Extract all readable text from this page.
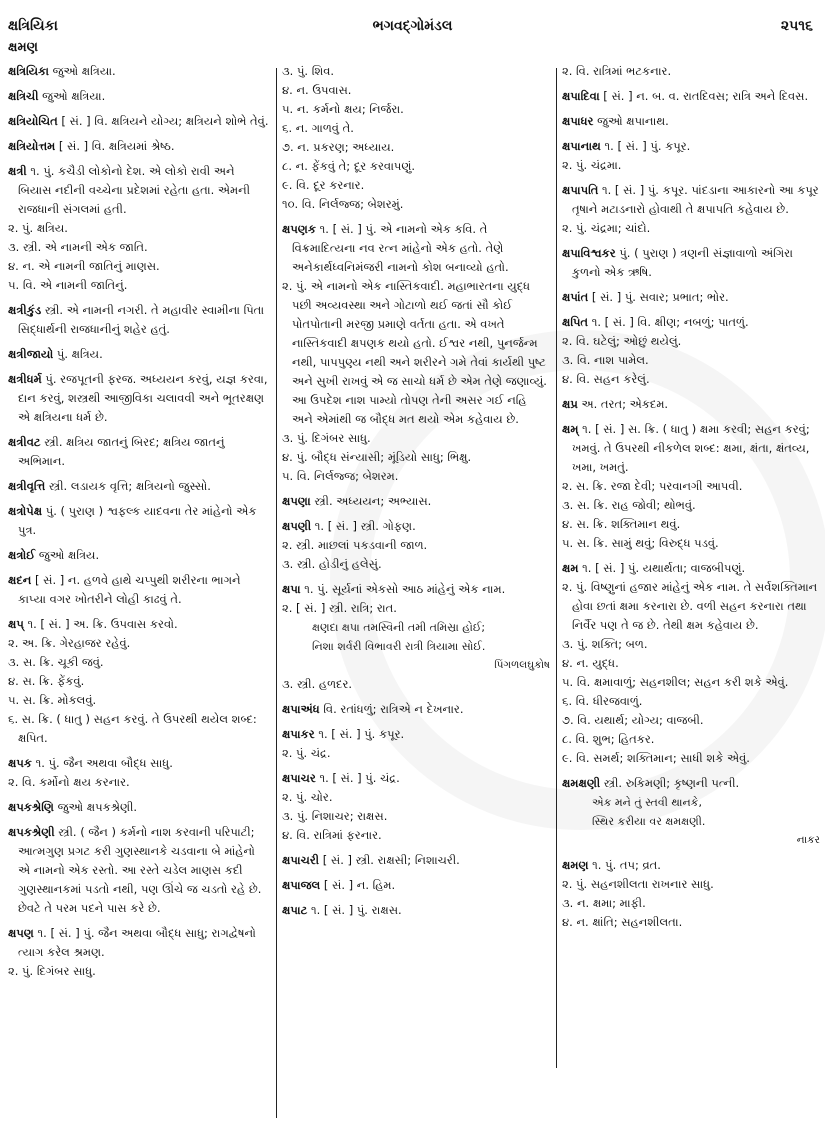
ક્ષત્રિયિકા
ક્ષમણ
ભગવદ્ગોમંડલ	૨૫૧૬
ક્ષત્રિયિકા જુઓ ક્ષત્રિયા.
ક્ષત્રિચી જુઓ ક્ષત્રિયા.
ક્ષત્રિયોચિત [ સં. ] વિ. ક્ષત્રિયને યોગ્ય; ક્ષત્રિયને શોભે તેવું.
ક્ષત્રિયોત્તમ [ સં. ] વિ. ક્ષત્રિયમાં શ્રેષ્ઠ.
ક્ષત્રી ૧. પું. કચૈડી લોકોનો દેશ. એ લોકો રાવી અને બિયાસ નદીની વચ્ચેના પ્રદેશમાં રહેતા હતા. એમની રાજધાની સંગલમાં હતી.
૨. પું. ક્ષત્રિય.
૩. સ્ત્રી. એ નામની એક જાતિ.
૪. ન. એ નામની જાતિનું માણસ.
૫. વિ. એ નામની જાતિનું.
ક્ષત્રીકુંડ સ્ત્રી. એ નામની નગરી. તે મહાવીર સ્વામીના પિતા સિદ્ધાર્થની રાજધાનીનું શહેર હતું.
ક્ષત્રીજાયો પું. ક્ષત્રિય.
ક્ષત્રીધર્મ પું. રજપૂતની ફરજ. અધ્યયન કરવું, યજ્ઞ કરવા, દાન કરવું, શસ્ત્રથી આજીવિકા ચલાવવી અને ભૂતરક્ષણ એ ક્ષત્રિયના ધર્મ છે.
ક્ષત્રીવટ સ્ત્રી. ક્ષત્રિય જાતનું બિરદ; ક્ષત્રિય જાતનું અભિમાન.
ક્ષત્રીવૃત્તિ સ્ત્રી. લડાયક વૃત્તિ; ક્ષત્રિયનો જુસ્સો.
ક્ષત્રોપેક્ષ પું. ( પુરાણ ) શ્વફલ્ક યાદવના તેર માંહેનો એક પુત્ર.
ક્ષત્રોઈ જુઓ ક્ષત્રિય.
ક્ષદન [ સં. ] ન. હળવે હાથે ચપ્પુથી શરીરના ભાગને કાપ્યા વગર ખોતરીને લોહી કાઢવું તે.
ક્ષપ્ ૧. [ સં. ] અ. ક્રિ. ઉપવાસ કરવો.
૨. અ. ક્રિ. ગેરહાજર રહેવું.
૩. સ. ક્રિ. ચૂકી જવું.
૪. સ. ક્રિ. ફેંકવું.
૫. સ. ક્રિ. મોકલવું.
૬. સ. ક્રિ. ( ધાતુ ) સહન કરવું. તે ઉપરથી થયેલ શબ્દ: ક્ષપિત.
ક્ષપક ૧. પું. જૈન અથવા બૌદ્ધ સાધુ.
૨. વિ. કર્મોનો ક્ષય કરનાર.
ક્ષપકશ્રેણિ જુઓ ક્ષપકશ્રેણી.
ક્ષપકશ્રેણી સ્ત્રી. ( જૈન ) કર્મનો નાશ કરવાની પરિપાટી; આત્મગુણ પ્રગટ કરી ગુણસ્થાનકે ચડવાના બે માંહેનો એ નામનો એક રસ્તો. આ રસ્તે ચડેલ માણસ કદી ગુણસ્થાનકમાં પડતો નથી, પણ ઊંચે જ ચડતો રહે છે. છેવટે તે પરમ પદને પાસ કરે છે.
ક્ષપણ ૧. [ સં. ] પું. જૈન અથવા બૌદ્ધ સાધુ; રાગદ્વેષનો ત્યાગ કરેલ શ્રમણ.
૨. પું. દિગંબર સાધુ.
૩. પું. શિવ.
૪. ન. ઉપવાસ.
૫. ન. કર્મનો ક્ષય; નિર્જરા.
૬. ન. ગાળવું તે.
૭. ન. પ્રકરણ; અધ્યાય.
૮. ન. ફેંકવું તે; દૂર કરવાપણું.
૯. વિ. દૂર કરનાર.
૧૦. વિ. નિર્લજ્જ; બેશરમું.
ક્ષપણક ૧. [ સં. ] પું. એ નામનો એક કવિ. તે વિક્રમાદિત્યના નવ રત્ન માંહેનો એક હતો. તેણે અનેકાર્થધ્વનિમંજરી નામનો કોશ બનાવ્યો હતો.
૨. પું. એ નામનો એક નાસ્તિકવાદી. મહાભારતના યુદ્ધ પછી અવ્યવસ્થા અને ગોટાળો થઈ જતાં સૌ કોઈ પોતપોતાની મરજી પ્રમાણે વર્તતા હતા. એ વખતે નાસ્તિકવાદી ક્ષપણક થયો હતો. ઈશ્વર નથી, પુનર્જન્મ નથી, પાપપુણ્ય નથી અને શરીરને ગમે તેવાં કાર્યથી પુષ્ટ અને સુખી રાખવું એ જ સાચો ધર્મ છે એમ તેણે જણાવ્યું. આ ઉપદેશ નાશ પામ્યો તોપણ તેની અસર ગઈ નહિ અને એમાંથી જ બૌદ્ધ મત થયો એમ કહેવાય છે.
૩. પું. દિગંબર સાધુ.
૪. પું. બૌદ્ધ સંન્યાસી; મૂંડિયો સાધુ; ભિક્ષુ.
૫. વિ. નિર્લજ્જ; બેશરમ.
ક્ષપણા સ્ત્રી. અધ્યયન; અભ્યાસ.
ક્ષપણી ૧. [ સં. ] સ્ત્રી. ગોફણ.
૨. સ્ત્રી. માછલાં પકડવાની જાળ.
૩. સ્ત્રી. હોડીનું હલેસું.
ક્ષપા ૧. પું. સૂર્યનાં એકસો આઠ માંહેનું એક નામ.
૨. [ સં. ] સ્ત્રી. રાત્રિ; રાત.
ક્ષણદા ક્ષપા તમસ્વિની તમી તમિસ્રા હોઈ;
નિશા શર્વરી વિભાવરી રાત્રી ત્રિયામા સોઈ.
પિંગળલઘુકોષ
૩. સ્ત્રી. હળદર.
ક્ષપાઅંધ વિ. રતાંધળું; રાત્રિએ ન દેખનાર.
ક્ષપાકર ૧. [ સં. ] પું. કપૂર.
૨. પું. ચંદ્ર.
ક્ષપાચર ૧. [ સં. ] પું. ચંદ્ર.
૨. પું. ચોર.
૩. પું. નિશાચર; રાક્ષસ.
૪. વિ. રાત્રિમાં ફરનાર.
ક્ષપાચરી [ સં. ] સ્ત્રી. રાક્ષસી; નિશાચરી.
ક્ષપાજલ [ સં. ] ન. હિમ.
ક્ષપાટ ૧. [ સં. ] પું. રાક્ષસ.
૨. વિ. રાત્રિમાં ભટકનાર.
ક્ષપાદિવા [ સં. ] ન. બ. વ. રાતદિવસ; રાત્રિ અને દિવસ.
ક્ષપાધર જુઓ ક્ષપાનાથ.
ક્ષપાનાથ ૧. [ સં. ] પું. કપૂર.
૨. પું. ચંદ્રમા.
ક્ષપાપતિ ૧. [ સં. ] પું. કપૂર. પાંદડાના આકારનો આ કપૂર તૃષાને મટાડનારો હોવાથી તે ક્ષપાપતિ કહેવાય છે.
૨. પું. ચંદ્રમા; ચાંદો.
ક્ષપાવિશ્વકર પું. ( પુરાણ ) ત્રણની સંજ્ઞાવાળો અંગિરા કુળનો એક ઋષિ.
ક્ષપાંત [ સં. ] પું. સવાર; પ્રભાત; ભોર.
ક્ષપિત ૧. [ સં. ] વિ. ક્ષીણ; નબળું; પાતળું.
૨. વિ. ઘટેલું; ઓછું થયેલું.
૩. વિ. નાશ પામેલ.
૪. વિ. સહન કરેલું.
ક્ષપ્ર અ. તરત; એકદમ.
ક્ષમ્ ૧. [ સં. ] સ. ક્રિ. ( ધાતુ ) ક્ષમા કરવી; સહન કરવું; ખમવું. તે ઉપરથી નીકળેલ શબ્દ: ક્ષમા, ક્ષંતા, ક્ષંતવ્ય, ખમા, ખમતું.
૨. સ. ક્રિ. રજા દેવી; પરવાનગી આપવી.
૩. સ. ક્રિ. રાહ જોવી; થોભવું.
૪. સ. ક્રિ. શક્તિમાન થવું.
૫. સ. ક્રિ. સામું થવું; વિરુદ્ધ પડવું.
ક્ષમ ૧. [ સં. ] પું. યથાર્થતા; વાજબીપણું.
૨. પું. વિષ્ણુનાં હજાર માંહેનું એક નામ. તે સર્વશક્તિમાન હોવા છતાં ક્ષમા કરનારા છે. વળી સહન કરનારા તથા નિર્વૈર પણ તે જ છે. તેથી ક્ષમ કહેવાય છે.
૩. પું. શક્તિ; બળ.
૪. ન. યુદ્ધ.
૫. વિ. ક્ષમાવાળું; સહનશીલ; સહન કરી શકે એવું.
૬. વિ. ધીરજવાળું.
૭. વિ. યથાર્થ; યોગ્ય; વાજબી.
૮. વિ. શુભ; હિતકર.
૯. વિ. સમર્થ; શક્તિમાન; સાધી શકે એવું.
ક્ષમક્ષણી સ્ત્રી. રુકિમણી; કૃષ્ણની પત્ની.
એક મને તું સ્તવી થાનકે,
સ્થિર કરીયા વર ક્ષમક્ષણી.
નાકર
ક્ષમણ ૧. પું. તપ; વ્રત.
૨. પું. સહનશીલતા રાખનાર સાધુ.
૩. ન. ક્ષમા; માફી.
૪. ન. ક્ષાંતિ; સહનશીલતા.
